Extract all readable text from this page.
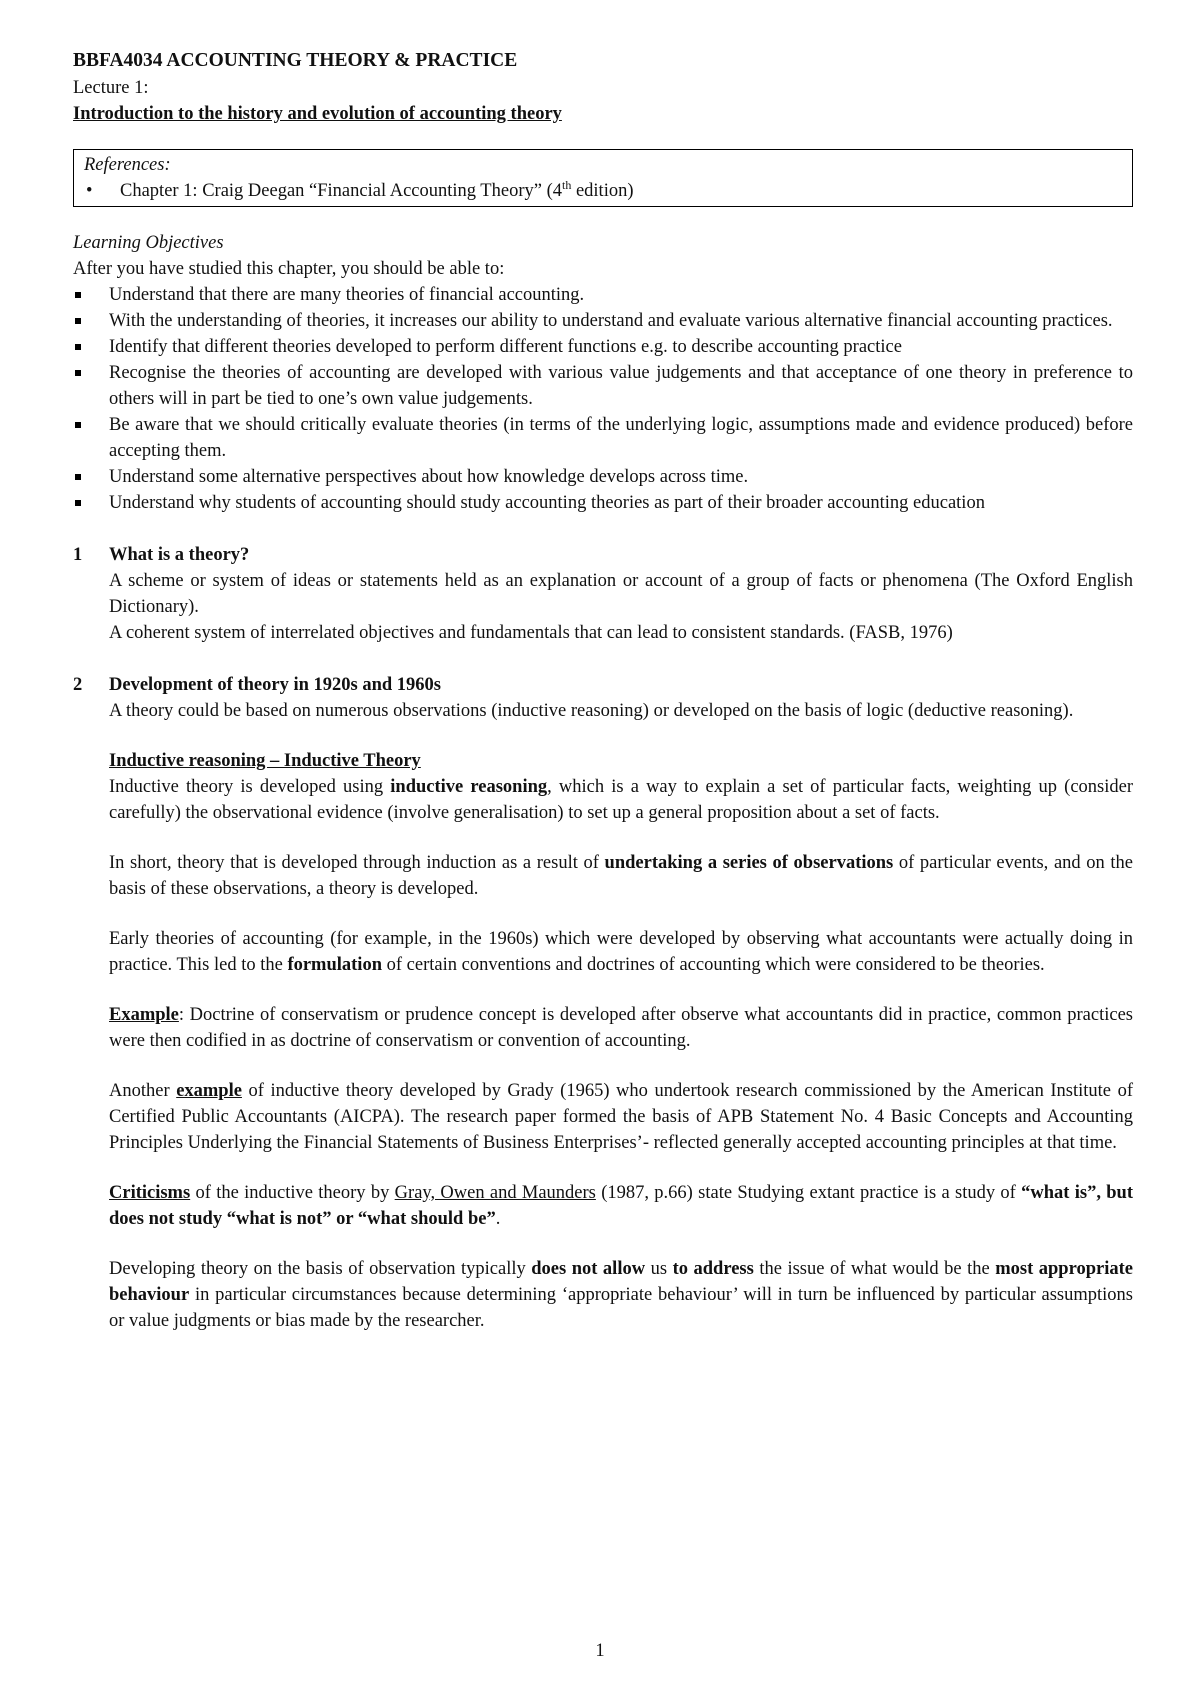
BBFA4034 ACCOUNTING THEORY & PRACTICE

Lecture 1:

Introduction to the history and evolution of accounting theory

References:
• Chapter 1: Craig Deegan “Financial Accounting Theory” (4th edition)

Learning Objectives

After you have studied this chapter, you should be able to:

Understand that there are many theories of financial accounting.
With the understanding of theories, it increases our ability to understand and evaluate various alternative financial accounting practices.
Identify that different theories developed to perform different functions e.g. to describe accounting practice
Recognise the theories of accounting are developed with various value judgements and that acceptance of one theory in preference to others will in part be tied to one’s own value judgements.
Be aware that we should critically evaluate theories (in terms of the underlying logic, assumptions made and evidence produced) before accepting them.
Understand some alternative perspectives about how knowledge develops across time.
Understand why students of accounting should study accounting theories as part of their broader accounting education
1 What is a theory?

A scheme or system of ideas or statements held as an explanation or account of a group of facts or phenomena (The Oxford English Dictionary).

A coherent system of interrelated objectives and fundamentals that can lead to consistent standards. (FASB, 1976)

2 Development of theory in 1920s and 1960s

A theory could be based on numerous observations (inductive reasoning) or developed on the basis of logic (deductive reasoning).

Inductive reasoning – Inductive Theory

Inductive theory is developed using inductive reasoning, which is a way to explain a set of particular facts, weighting up (consider carefully) the observational evidence (involve generalisation) to set up a general proposition about a set of facts.

In short, theory that is developed through induction as a result of undertaking a series of observations of particular events, and on the basis of these observations, a theory is developed.

Early theories of accounting (for example, in the 1960s) which were developed by observing what accountants were actually doing in practice. This led to the formulation of certain conventions and doctrines of accounting which were considered to be theories.

Example: Doctrine of conservatism or prudence concept is developed after observe what accountants did in practice, common practices were then codified in as doctrine of conservatism or convention of accounting.

Another example of inductive theory developed by Grady (1965) who undertook research commissioned by the American Institute of Certified Public Accountants (AICPA). The research paper formed the basis of APB Statement No. 4 Basic Concepts and Accounting Principles Underlying the Financial Statements of Business Enterprises’- reflected generally accepted accounting principles at that time.

Criticisms of the inductive theory by Gray, Owen and Maunders (1987, p.66) state Studying extant practice is a study of “what is”, but does not study “what is not” or “what should be”.

Developing theory on the basis of observation typically does not allow us to address the issue of what would be the most appropriate behaviour in particular circumstances because determining ‘appropriate behaviour’ will in turn be influenced by particular assumptions or value judgments or bias made by the researcher.

1
